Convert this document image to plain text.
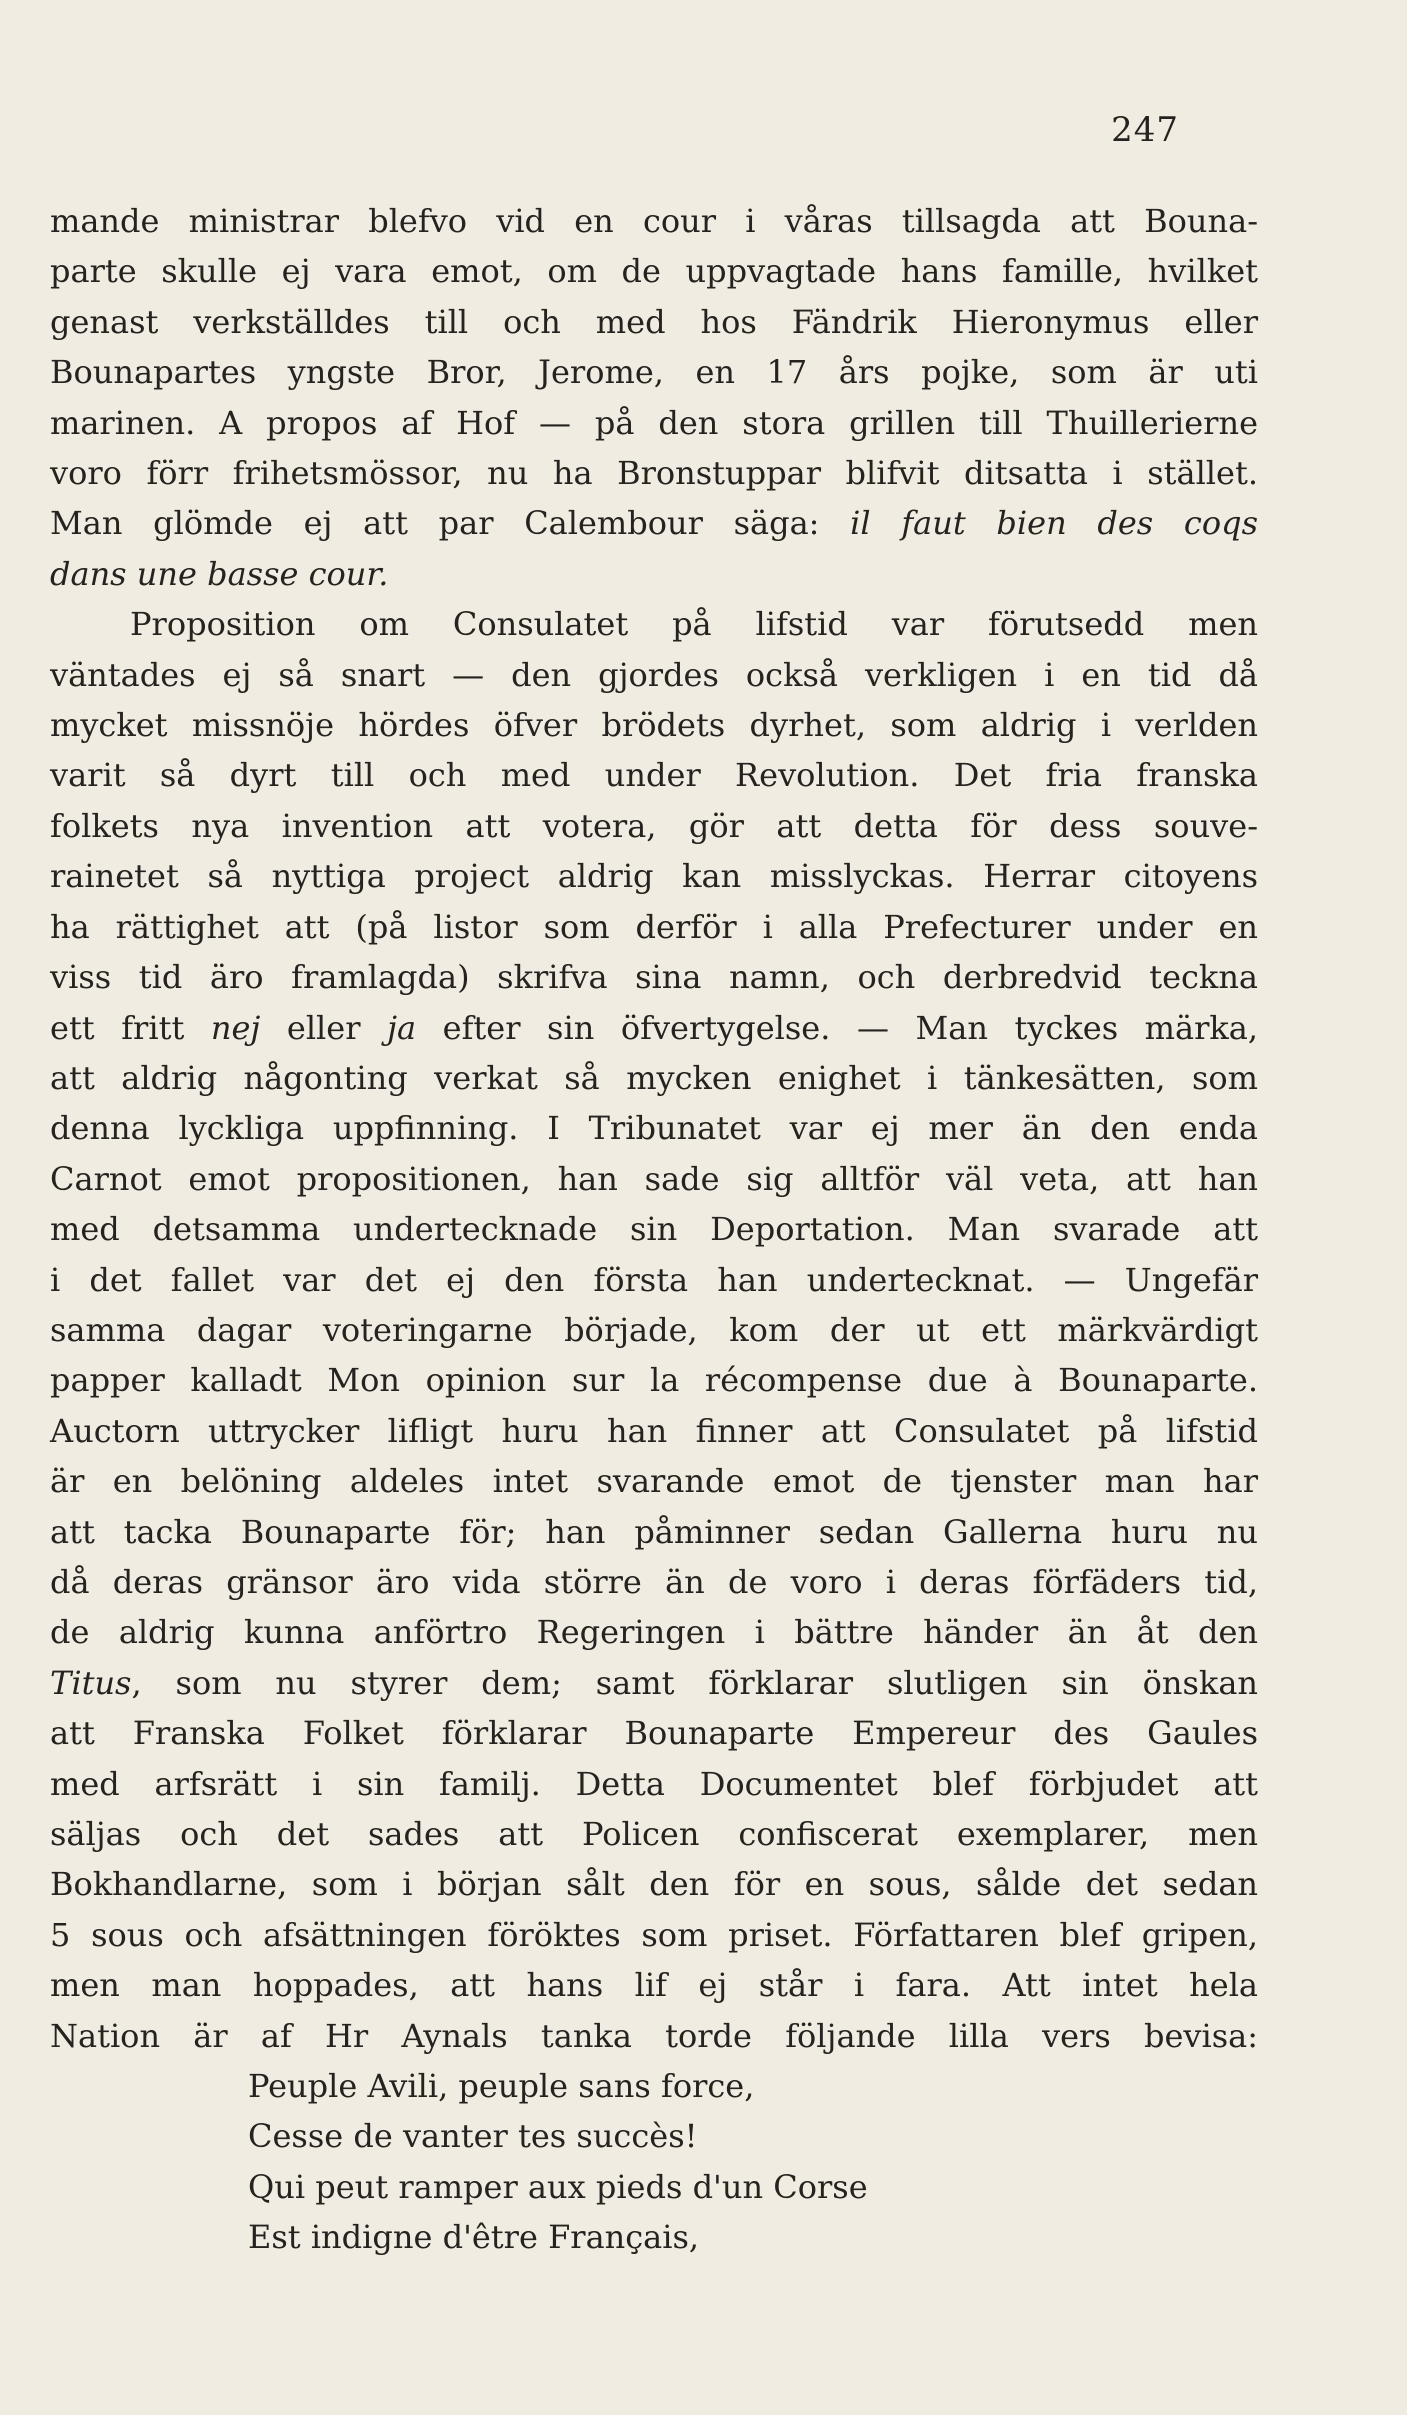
247
mande ministrar blefvo vid en cour i våras tillsagda att Bouna-
parte skulle ej vara emot, om de uppvagtade hans famille, hvilket
genast verkställdes till och med hos Fändrik Hieronymus eller
Bounapartes yngste Bror, Jerome, en 17 års pojke, som är uti
marinen. A propos af Hof — på den stora grillen till Thuillerierne
voro förr frihetsmössor, nu ha Bronstuppar blifvit ditsatta i stället.
Man glömde ej att par Calembour säga: il faut bien des coqs
dans une basse cour.
Proposition om Consulatet på lifstid var förutsedd men
väntades ej så snart — den gjordes också verkligen i en tid då
mycket missnöje hördes öfver brödets dyrhet, som aldrig i verlden
varit så dyrt till och med under Revolution. Det fria franska
folkets nya invention att votera, gör att detta för dess souve-
rainetet så nyttiga project aldrig kan misslyckas. Herrar citoyens
ha rättighet att (på listor som derför i alla Prefecturer under en
viss tid äro framlagda) skrifva sina namn, och derbredvid teckna
ett fritt nej eller ja efter sin öfvertygelse. — Man tyckes märka,
att aldrig någonting verkat så mycken enighet i tänkesätten, som
denna lyckliga uppfinning. I Tribunatet var ej mer än den enda
Carnot emot propositionen, han sade sig alltför väl veta, att han
med detsamma undertecknade sin Deportation. Man svarade att
i det fallet var det ej den första han undertecknat. — Ungefär
samma dagar voteringarne började, kom der ut ett märkvärdigt
papper kalladt Mon opinion sur la récompense due à Bounaparte.
Auctorn uttrycker lifligt huru han finner att Consulatet på lifstid
är en belöning aldeles intet svarande emot de tjenster man har
att tacka Bounaparte för; han påminner sedan Gallerna huru nu
då deras gränsor äro vida större än de voro i deras förfäders tid,
de aldrig kunna anförtro Regeringen i bättre händer än åt den
Titus, som nu styrer dem; samt förklarar slutligen sin önskan
att Franska Folket förklarar Bounaparte Empereur des Gaules
med arfsrätt i sin familj. Detta Documentet blef förbjudet att
säljas och det sades att Policen confiscerat exemplarer, men
Bokhandlarne, som i början sålt den för en sous, sålde det sedan
5 sous och afsättningen föröktes som priset. Författaren blef gripen,
men man hoppades, att hans lif ej står i fara. Att intet hela
Nation är af Hr Aynals tanka torde följande lilla vers bevisa:
Peuple Avili, peuple sans force,
Cesse de vanter tes succès!
Qui peut ramper aux pieds d'un Corse
Est indigne d'être Français,
